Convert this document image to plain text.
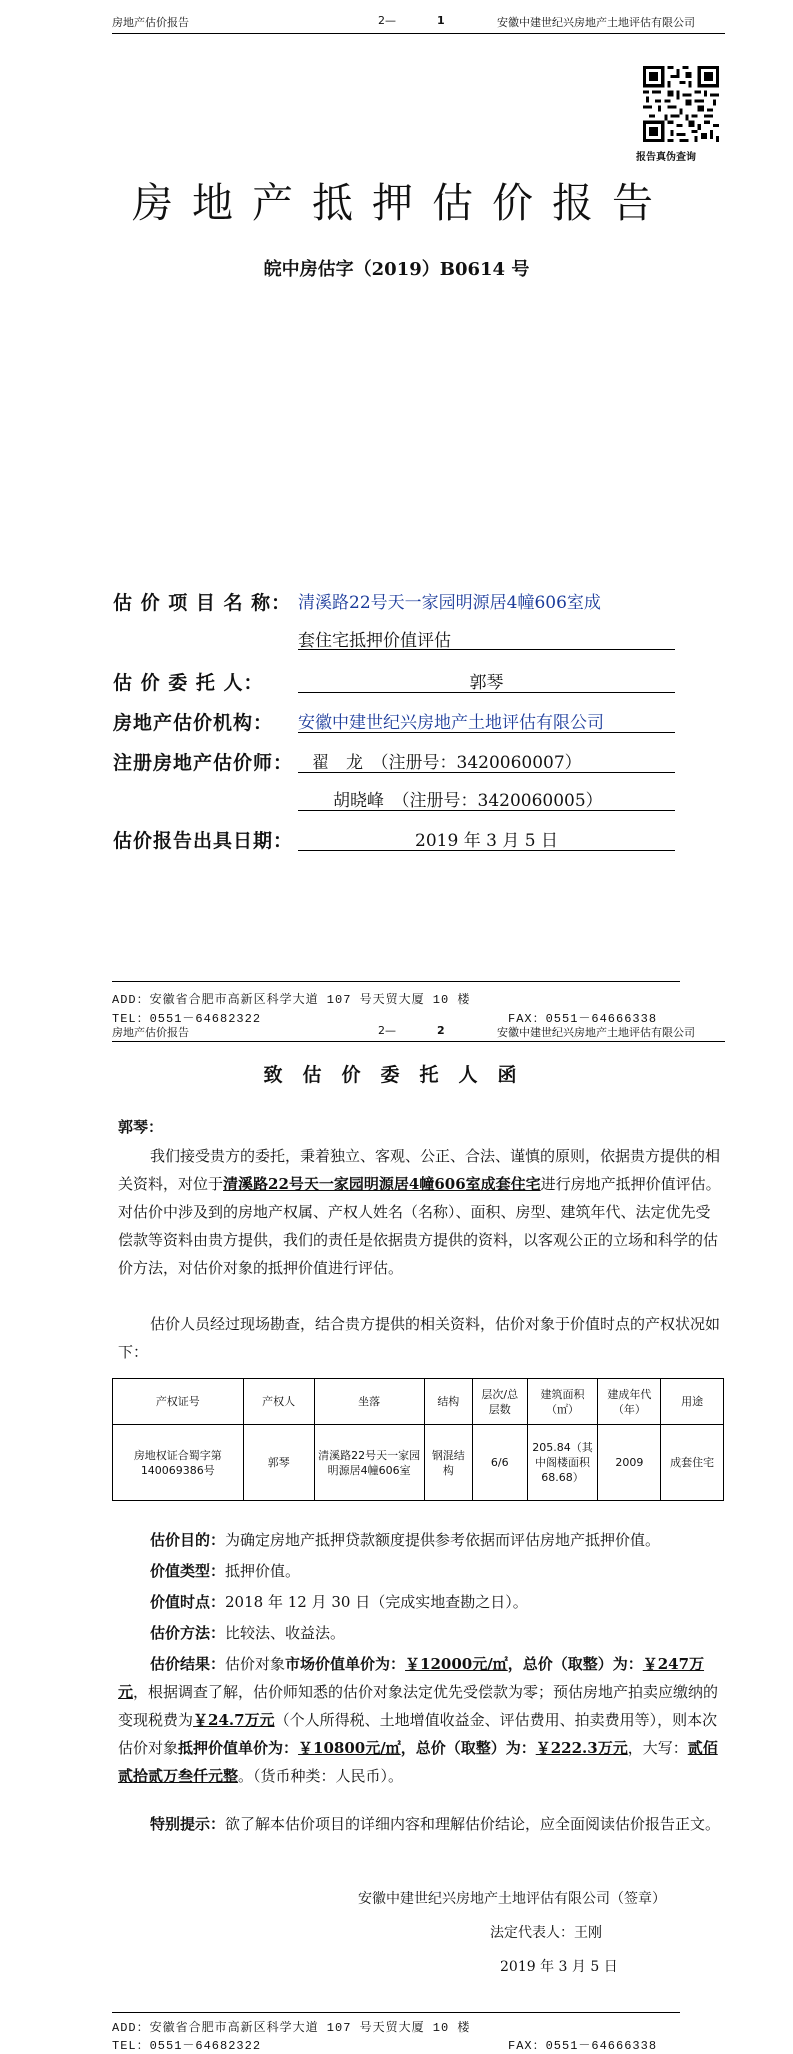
房地产估价报告	2—	1	安徽中建世纪兴房地产土地评估有限公司
报告真伪查询
房地产抵押估价报告
皖中房估字（2019）B0614 号
估 价 项 目 名 称： 清溪路22号天一家园明源居4幢606室成
套住宅抵押价值评估
估 价 委 托 人：	郭琴
房地产估价机构： 安徽中建世纪兴房地产土地评估有限公司
注册房地产估价师： 翟　龙　（注册号：3420060007）
胡晓峰　（注册号：3420060005）
估价报告出具日期：	2019 年 3 月 5 日
ADD：安徽省合肥市高新区科学大道 107 号天贸大厦 10 楼
TEL：0551－64682322	FAX：0551－64666338
房地产估价报告	2—	2	安徽中建世纪兴房地产土地评估有限公司
致估价委托人函
郭琴：
我们接受贵方的委托，秉着独立、客观、公正、合法、谨慎的原则，依据贵方提供的相关资料，对位于清溪路22号天一家园明源居4幢606室成套住宅进行房地产抵押价值评估。对估价中涉及到的房地产权属、产权人姓名（名称）、面积、房型、建筑年代、法定优先受偿款等资料由贵方提供，我们的责任是依据贵方提供的资料，以客观公正的立场和科学的估价方法，对估价对象的抵押价值进行评估。
估价人员经过现场勘查，结合贵方提供的相关资料，估价对象于价值时点的产权状况如下：
产权证号	产权人	坐落	结构	层次/总层数	建筑面积（㎡）	建成年代（年）	用途
房地权证合蜀字第140069386号	郭琴	清溪路22号天一家园明源居4幢606室	钢混结构	6/6	205.84（其中阁楼面积68.68）	2009	成套住宅
估价目的：为确定房地产抵押贷款额度提供参考依据而评估房地产抵押价值。
价值类型：抵押价值。
价值时点：2018 年 12 月 30 日（完成实地查勘之日）。
估价方法：比较法、收益法。
估价结果：估价对象市场价值单价为：￥12000元/㎡，总价（取整）为：￥247万元，根据调查了解，估价师知悉的估价对象法定优先受偿款为零；预估房地产拍卖应缴纳的变现税费为￥24.7万元（个人所得税、土地增值收益金、评估费用、拍卖费用等），则本次估价对象抵押价值单价为：￥10800元/㎡，总价（取整）为：￥222.3万元，大写：贰佰贰拾贰万叁仟元整。（货币种类：人民币）。
特别提示：欲了解本估价项目的详细内容和理解估价结论，应全面阅读估价报告正文。
安徽中建世纪兴房地产土地评估有限公司（签章）
法定代表人：王刚
2019 年 3 月 5 日
ADD：安徽省合肥市高新区科学大道 107 号天贸大厦 10 楼
TEL：0551－64682322	FAX：0551－64666338
